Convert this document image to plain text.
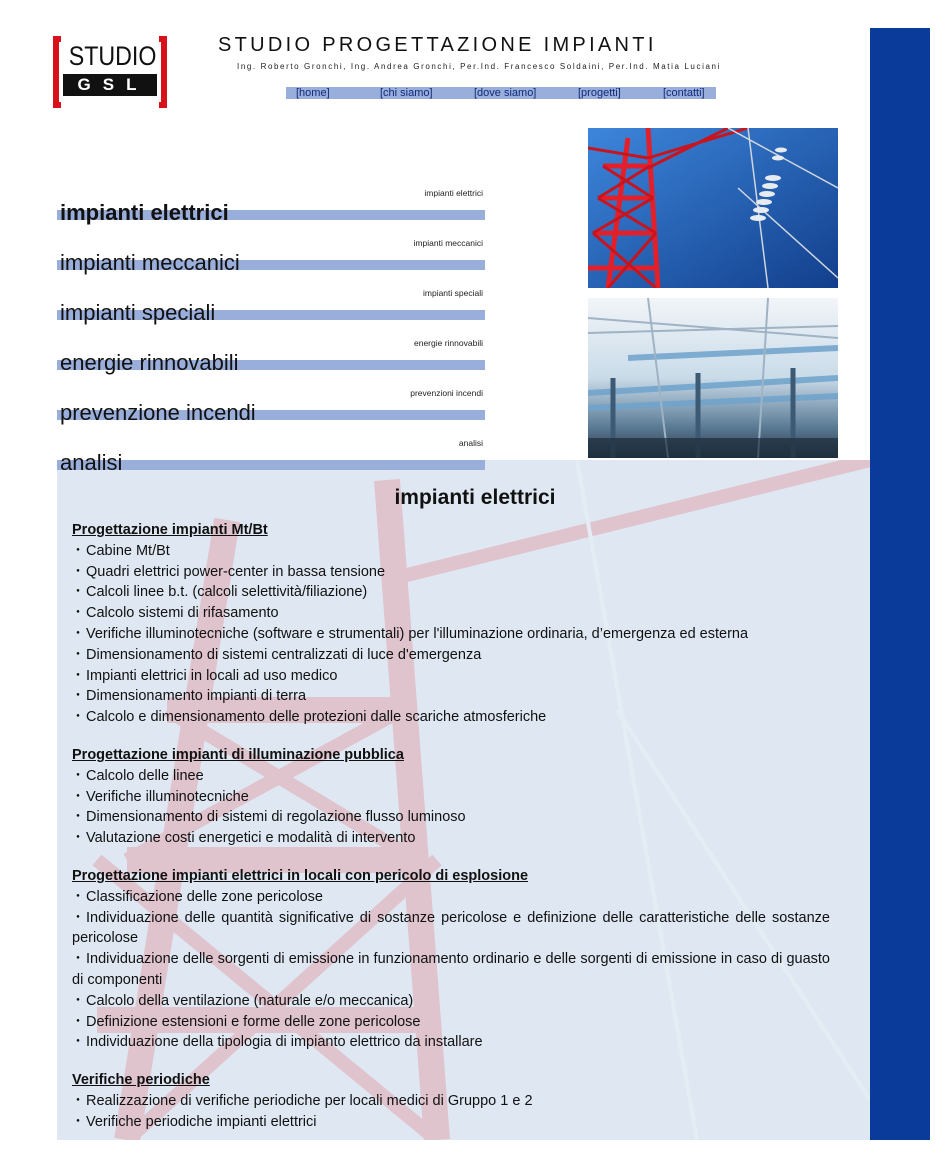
STUDIO
GSL
STUDIO PROGETTAZIONE IMPIANTI
Ing. Roberto Gronchi, Ing. Andrea Gronchi, Per.Ind. Francesco Soldaini, Per.Ind. Matia Luciani
[home]	[chi siamo]	[dove siamo]	[progetti]	[contatti]
impianti elettrici
impianti elettrici
impianti meccanici
impianti meccanici
impianti speciali
impianti speciali
energie rinnovabili
energie rinnovabili
prevenzioni incendi
prevenzione incendi
analisi
analisi
impianti elettrici
Progettazione impianti Mt/Bt
・ Cabine Mt/Bt
・ Quadri elettrici power-center in bassa tensione
・ Calcoli linee b.t. (calcoli selettività/filiazione)
・ Calcolo sistemi di rifasamento
・ Verifiche illuminotecniche (software e strumentali) per l'illuminazione ordinaria, d’emergenza ed esterna
・ Dimensionamento di sistemi centralizzati di luce d'emergenza
・ Impianti elettrici in locali ad uso medico
・ Dimensionamento impianti di terra
・ Calcolo e dimensionamento delle protezioni dalle scariche atmosferiche
Progettazione impianti di illuminazione pubblica
・ Calcolo delle linee
・ Verifiche illuminotecniche
・ Dimensionamento di sistemi di regolazione flusso luminoso
・ Valutazione costi energetici e modalità di intervento
Progettazione impianti elettrici in locali con pericolo di esplosione
・ Classificazione delle zone pericolose
・ Individuazione delle quantità significative di sostanze pericolose e definizione delle caratteristiche delle sostanze pericolose
・ Individuazione delle sorgenti di emissione in funzionamento ordinario e delle sorgenti di emissione in caso di guasto di componenti
・ Calcolo della ventilazione (naturale e/o meccanica)
・ Definizione estensioni e forme delle zone pericolose
・ Individuazione della tipologia di impianto elettrico da installare
Verifiche periodiche
・ Realizzazione di verifiche periodiche per locali medici di Gruppo 1 e 2
・ Verifiche periodiche impianti elettrici
